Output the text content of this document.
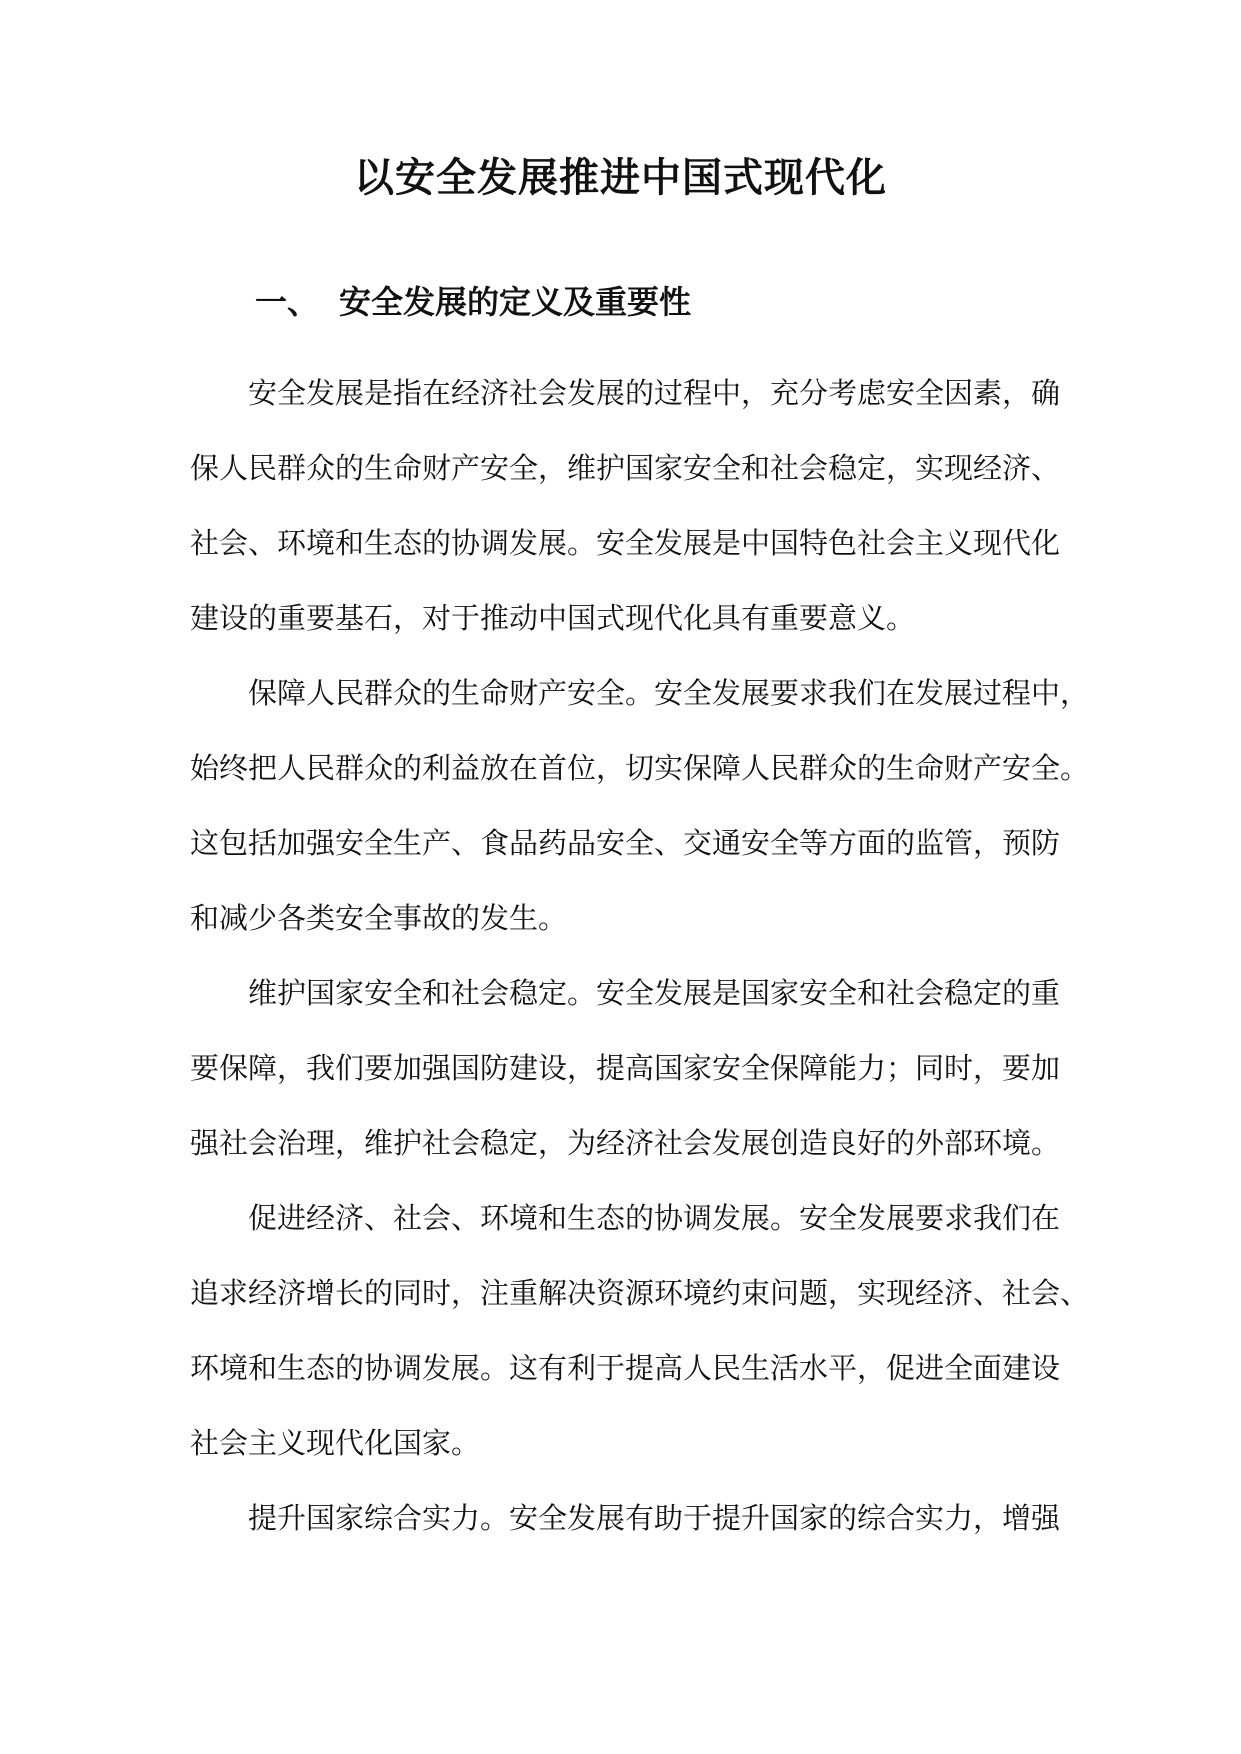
以安全发展推进中国式现代化
一、 安全发展的定义及重要性
安全发展是指在经济社会发展的过程中，充分考虑安全因素，确
保人民群众的生命财产安全，维护国家安全和社会稳定，实现经济、
社会、环境和生态的协调发展。安全发展是中国特色社会主义现代化
建设的重要基石，对于推动中国式现代化具有重要意义。
保障人民群众的生命财产安全。安全发展要求我们在发展过程中，
始终把人民群众的利益放在首位，切实保障人民群众的生命财产安全。
这包括加强安全生产、食品药品安全、交通安全等方面的监管，预防
和减少各类安全事故的发生。
维护国家安全和社会稳定。安全发展是国家安全和社会稳定的重
要保障，我们要加强国防建设，提高国家安全保障能力；同时，要加
强社会治理，维护社会稳定，为经济社会发展创造良好的外部环境。
促进经济、社会、环境和生态的协调发展。安全发展要求我们在
追求经济增长的同时，注重解决资源环境约束问题，实现经济、社会、
环境和生态的协调发展。这有利于提高人民生活水平，促进全面建设
社会主义现代化国家。
提升国家综合实力。安全发展有助于提升国家的综合实力，增强
